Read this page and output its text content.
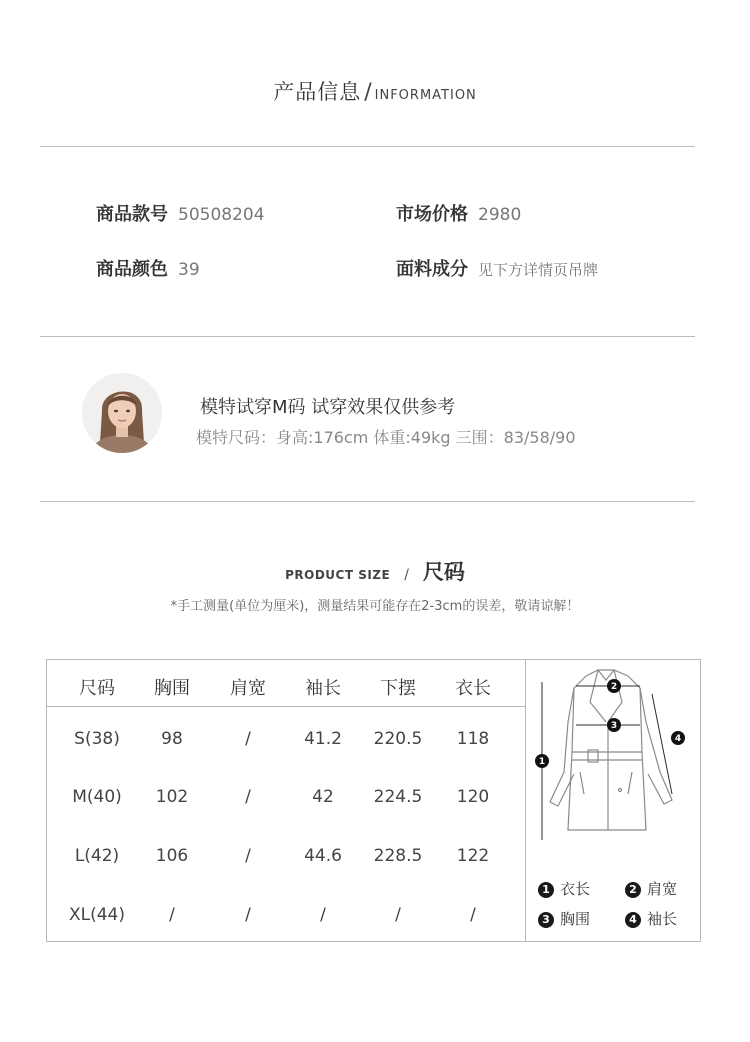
产品信息 / INFORMATION
商品款号 50508204	市场价格 2980
商品颜色 39	面料成分 见下方详情页吊牌
模特试穿M码 试穿效果仅供参考
模特尺码：身高:176cm 体重:49kg 三围：83/58/90
PRODUCT SIZE / 尺码
*手工测量(单位为厘米)，测量结果可能存在2-3cm的误差，敬请谅解！
尺码	胸围	肩宽	袖长	下摆	衣长
S(38)	98	/	41.2	220.5	118
M(40)	102	/	42	224.5	120
L(42)	106	/	44.6	228.5	122
XL(44)	/	/	/	/	/
1
2
3
4
1 衣长	2 肩宽
3 胸围	4 袖长
